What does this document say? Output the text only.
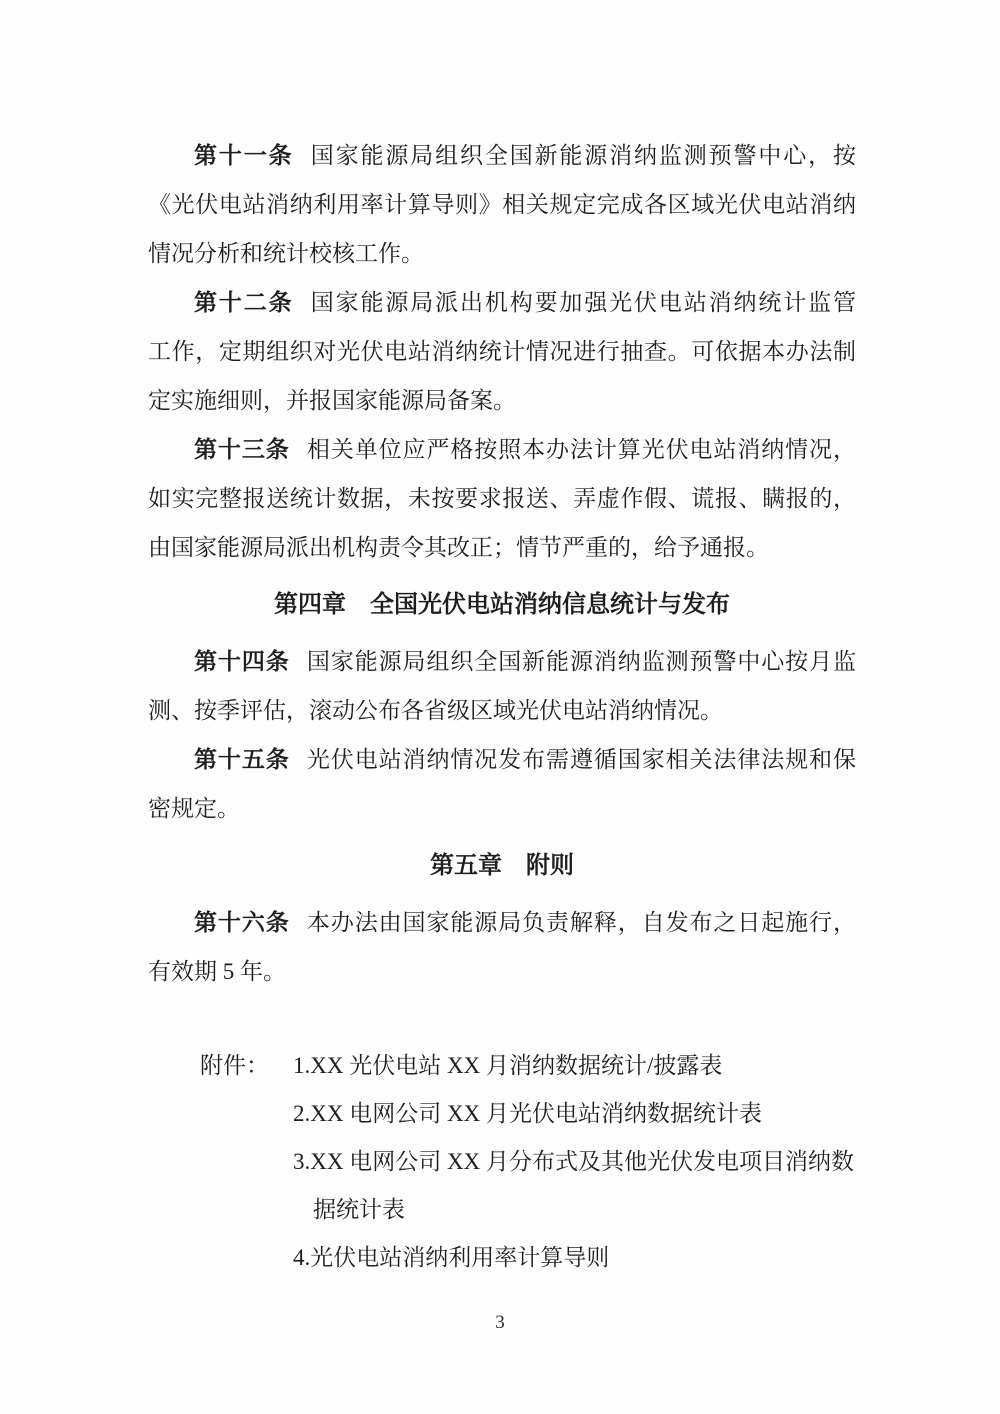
第十一条 国家能源局组织全国新能源消纳监测预警中心，按
《光伏电站消纳利用率计算导则》相关规定完成各区域光伏电站消纳
情况分析和统计校核工作。
第十二条 国家能源局派出机构要加强光伏电站消纳统计监管
工作，定期组织对光伏电站消纳统计情况进行抽查。可依据本办法制
定实施细则，并报国家能源局备案。
第十三条 相关单位应严格按照本办法计算光伏电站消纳情况，
如实完整报送统计数据，未按要求报送、弄虚作假、谎报、瞒报的，
由国家能源局派出机构责令其改正；情节严重的，给予通报。
第四章　全国光伏电站消纳信息统计与发布
第十四条 国家能源局组织全国新能源消纳监测预警中心按月监
测、按季评估，滚动公布各省级区域光伏电站消纳情况。
第十五条 光伏电站消纳情况发布需遵循国家相关法律法规和保
密规定。
第五章　附则
第十六条 本办法由国家能源局负责解释，自发布之日起施行，
有效期 5 年。
附件：	1.XX 光伏电站 XX 月消纳数据统计/披露表
2.XX 电网公司 XX 月光伏电站消纳数据统计表
3.XX 电网公司 XX 月分布式及其他光伏发电项目消纳数
据统计表
4.光伏电站消纳利用率计算导则
3
